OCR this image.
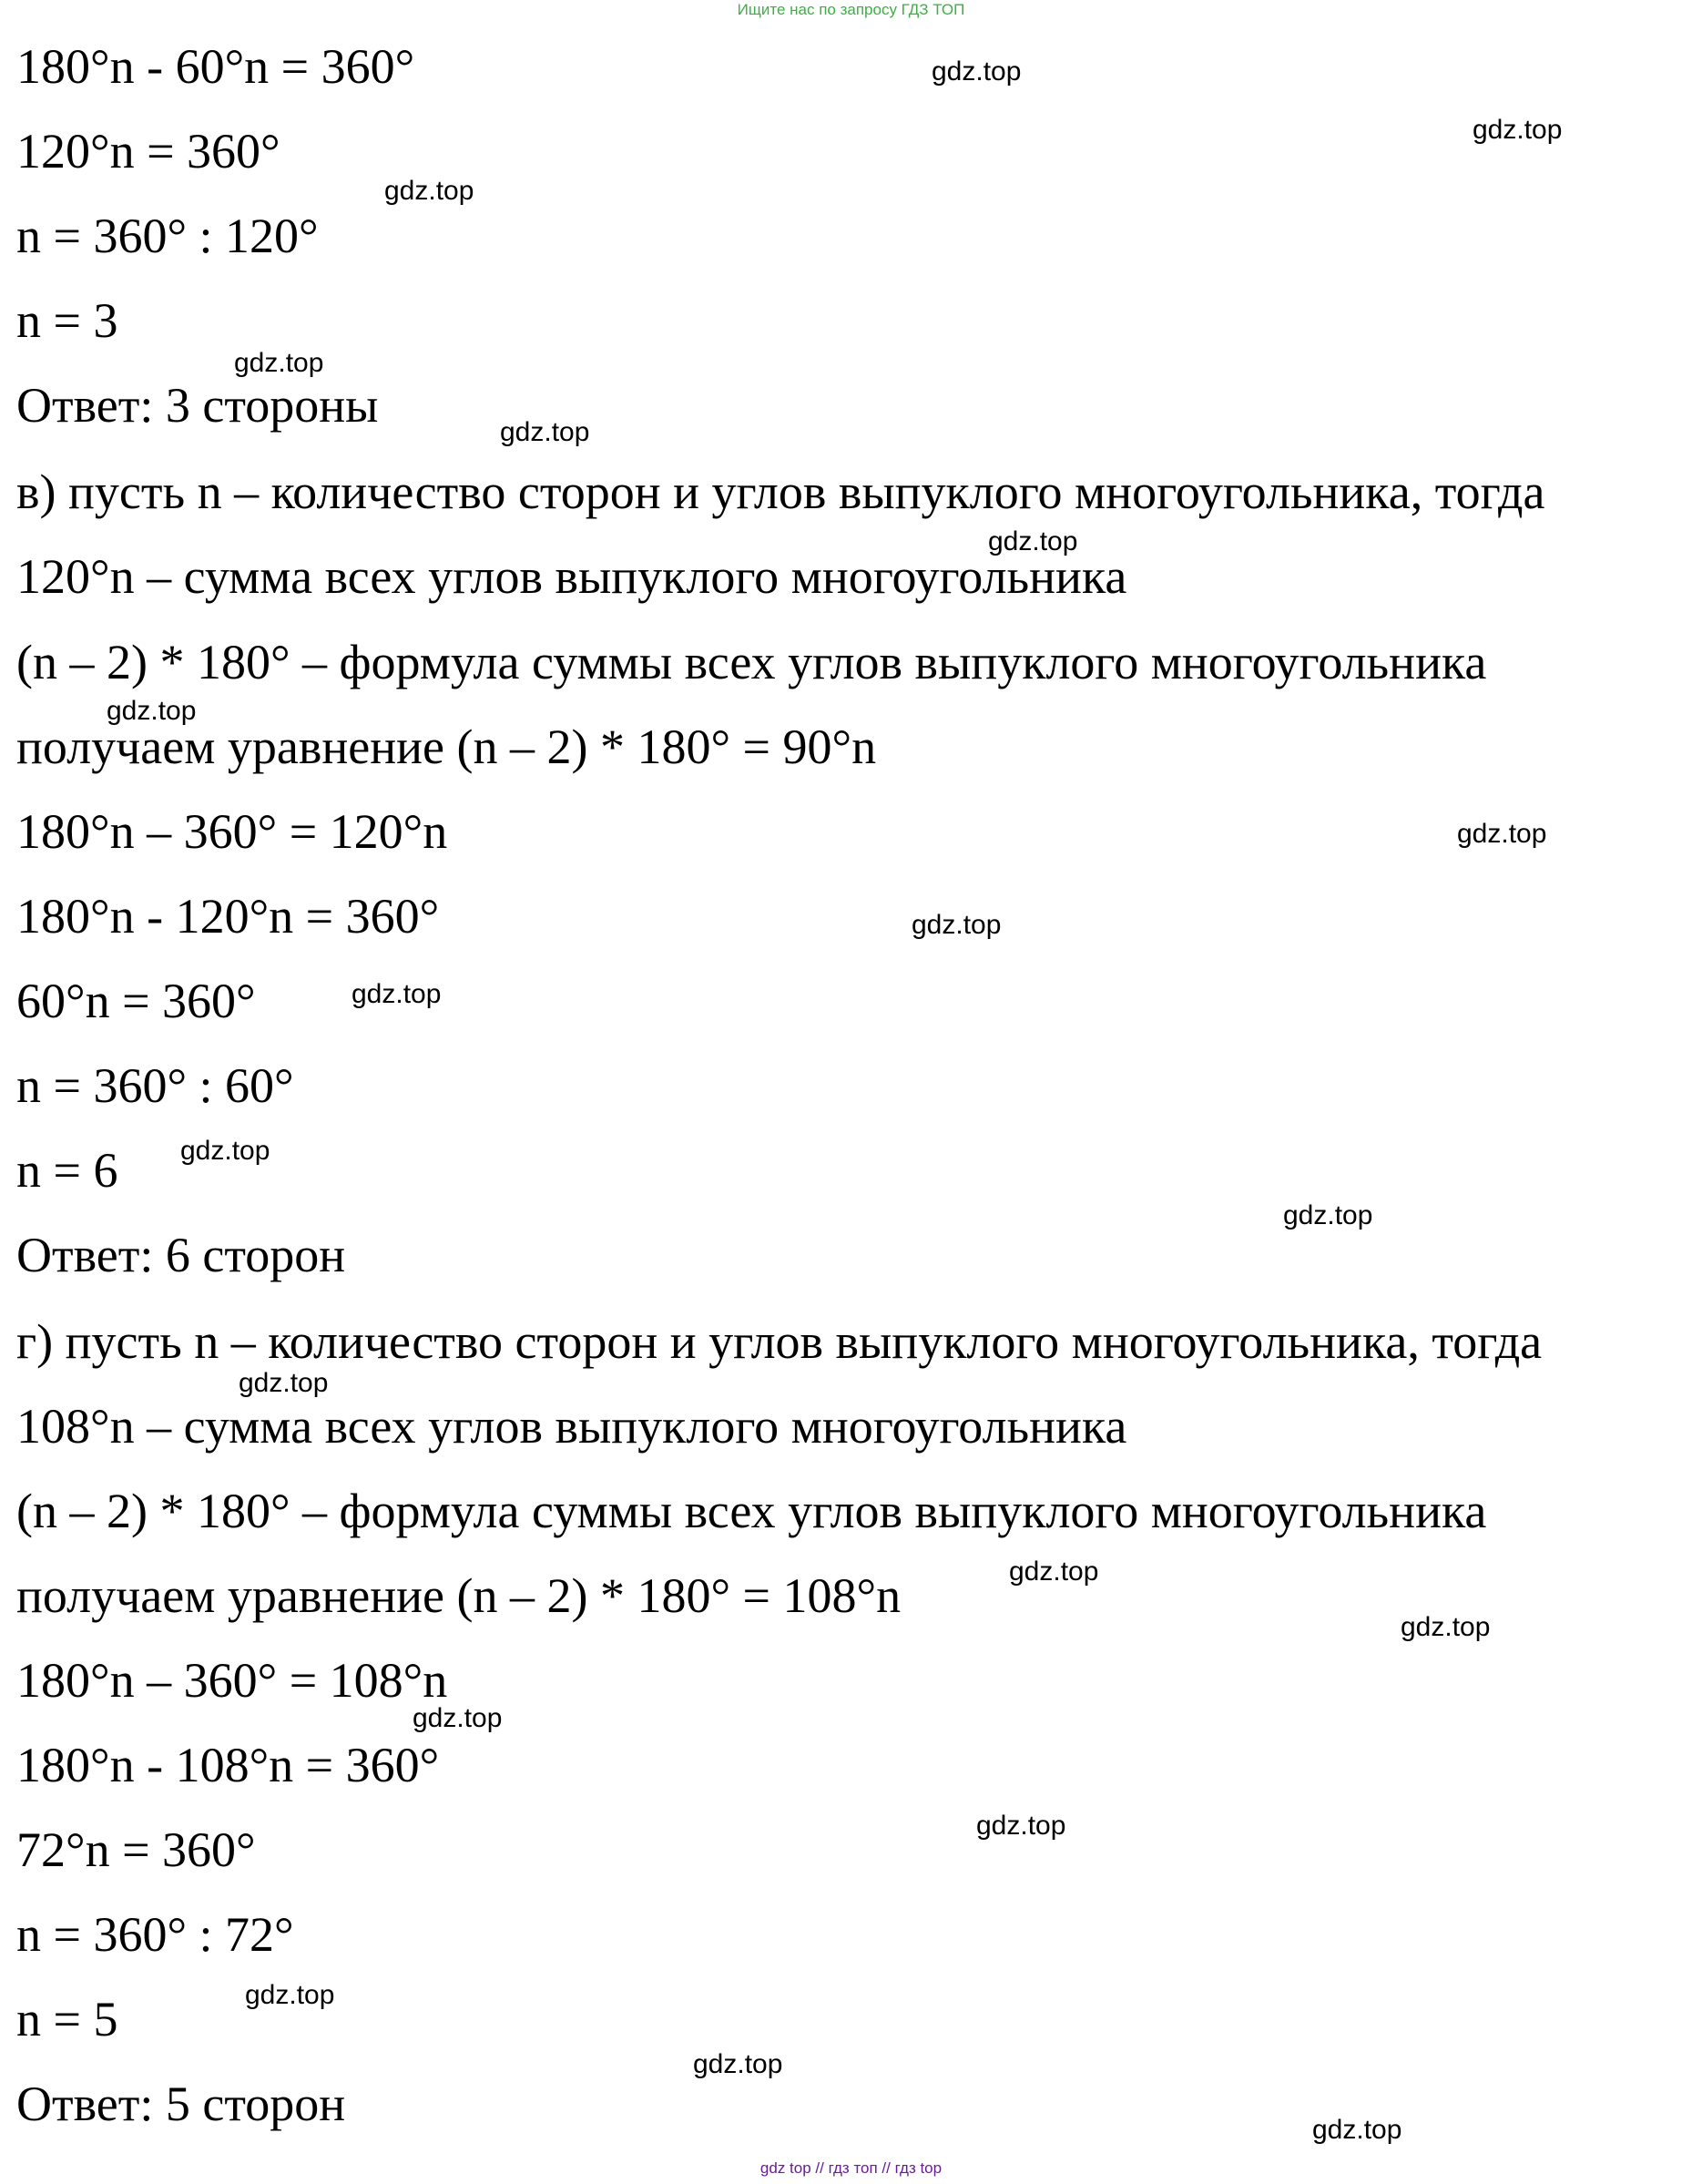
Ищите нас по запросу ГДЗ ТОП
180°n - 60°n = 360°
120°n = 360°
n = 360° : 120°
n = 3
Ответ: 3 стороны
в) пусть n – количество сторон и углов выпуклого многоугольника, тогда
120°n – сумма всех углов выпуклого многоугольника
(n – 2) * 180° – формула суммы всех углов выпуклого многоугольника
получаем уравнение (n – 2) * 180° = 90°n
180°n – 360° = 120°n
180°n - 120°n = 360°
60°n = 360°
n = 360° : 60°
n = 6
Ответ: 6 сторон
г) пусть n – количество сторон и углов выпуклого многоугольника, тогда
108°n – сумма всех углов выпуклого многоугольника
(n – 2) * 180° – формула суммы всех углов выпуклого многоугольника
получаем уравнение (n – 2) * 180° = 108°n
180°n – 360° = 108°n
180°n - 108°n = 360°
72°n = 360°
n = 360° : 72°
n = 5
Ответ: 5 сторон
gdz.top
gdz.top
gdz.top
gdz.top
gdz.top
gdz.top
gdz.top
gdz.top
gdz.top
gdz.top
gdz.top
gdz.top
gdz.top
gdz.top
gdz.top
gdz.top
gdz.top
gdz.top
gdz.top
gdz.top
gdz top // гдз топ // гдз top
